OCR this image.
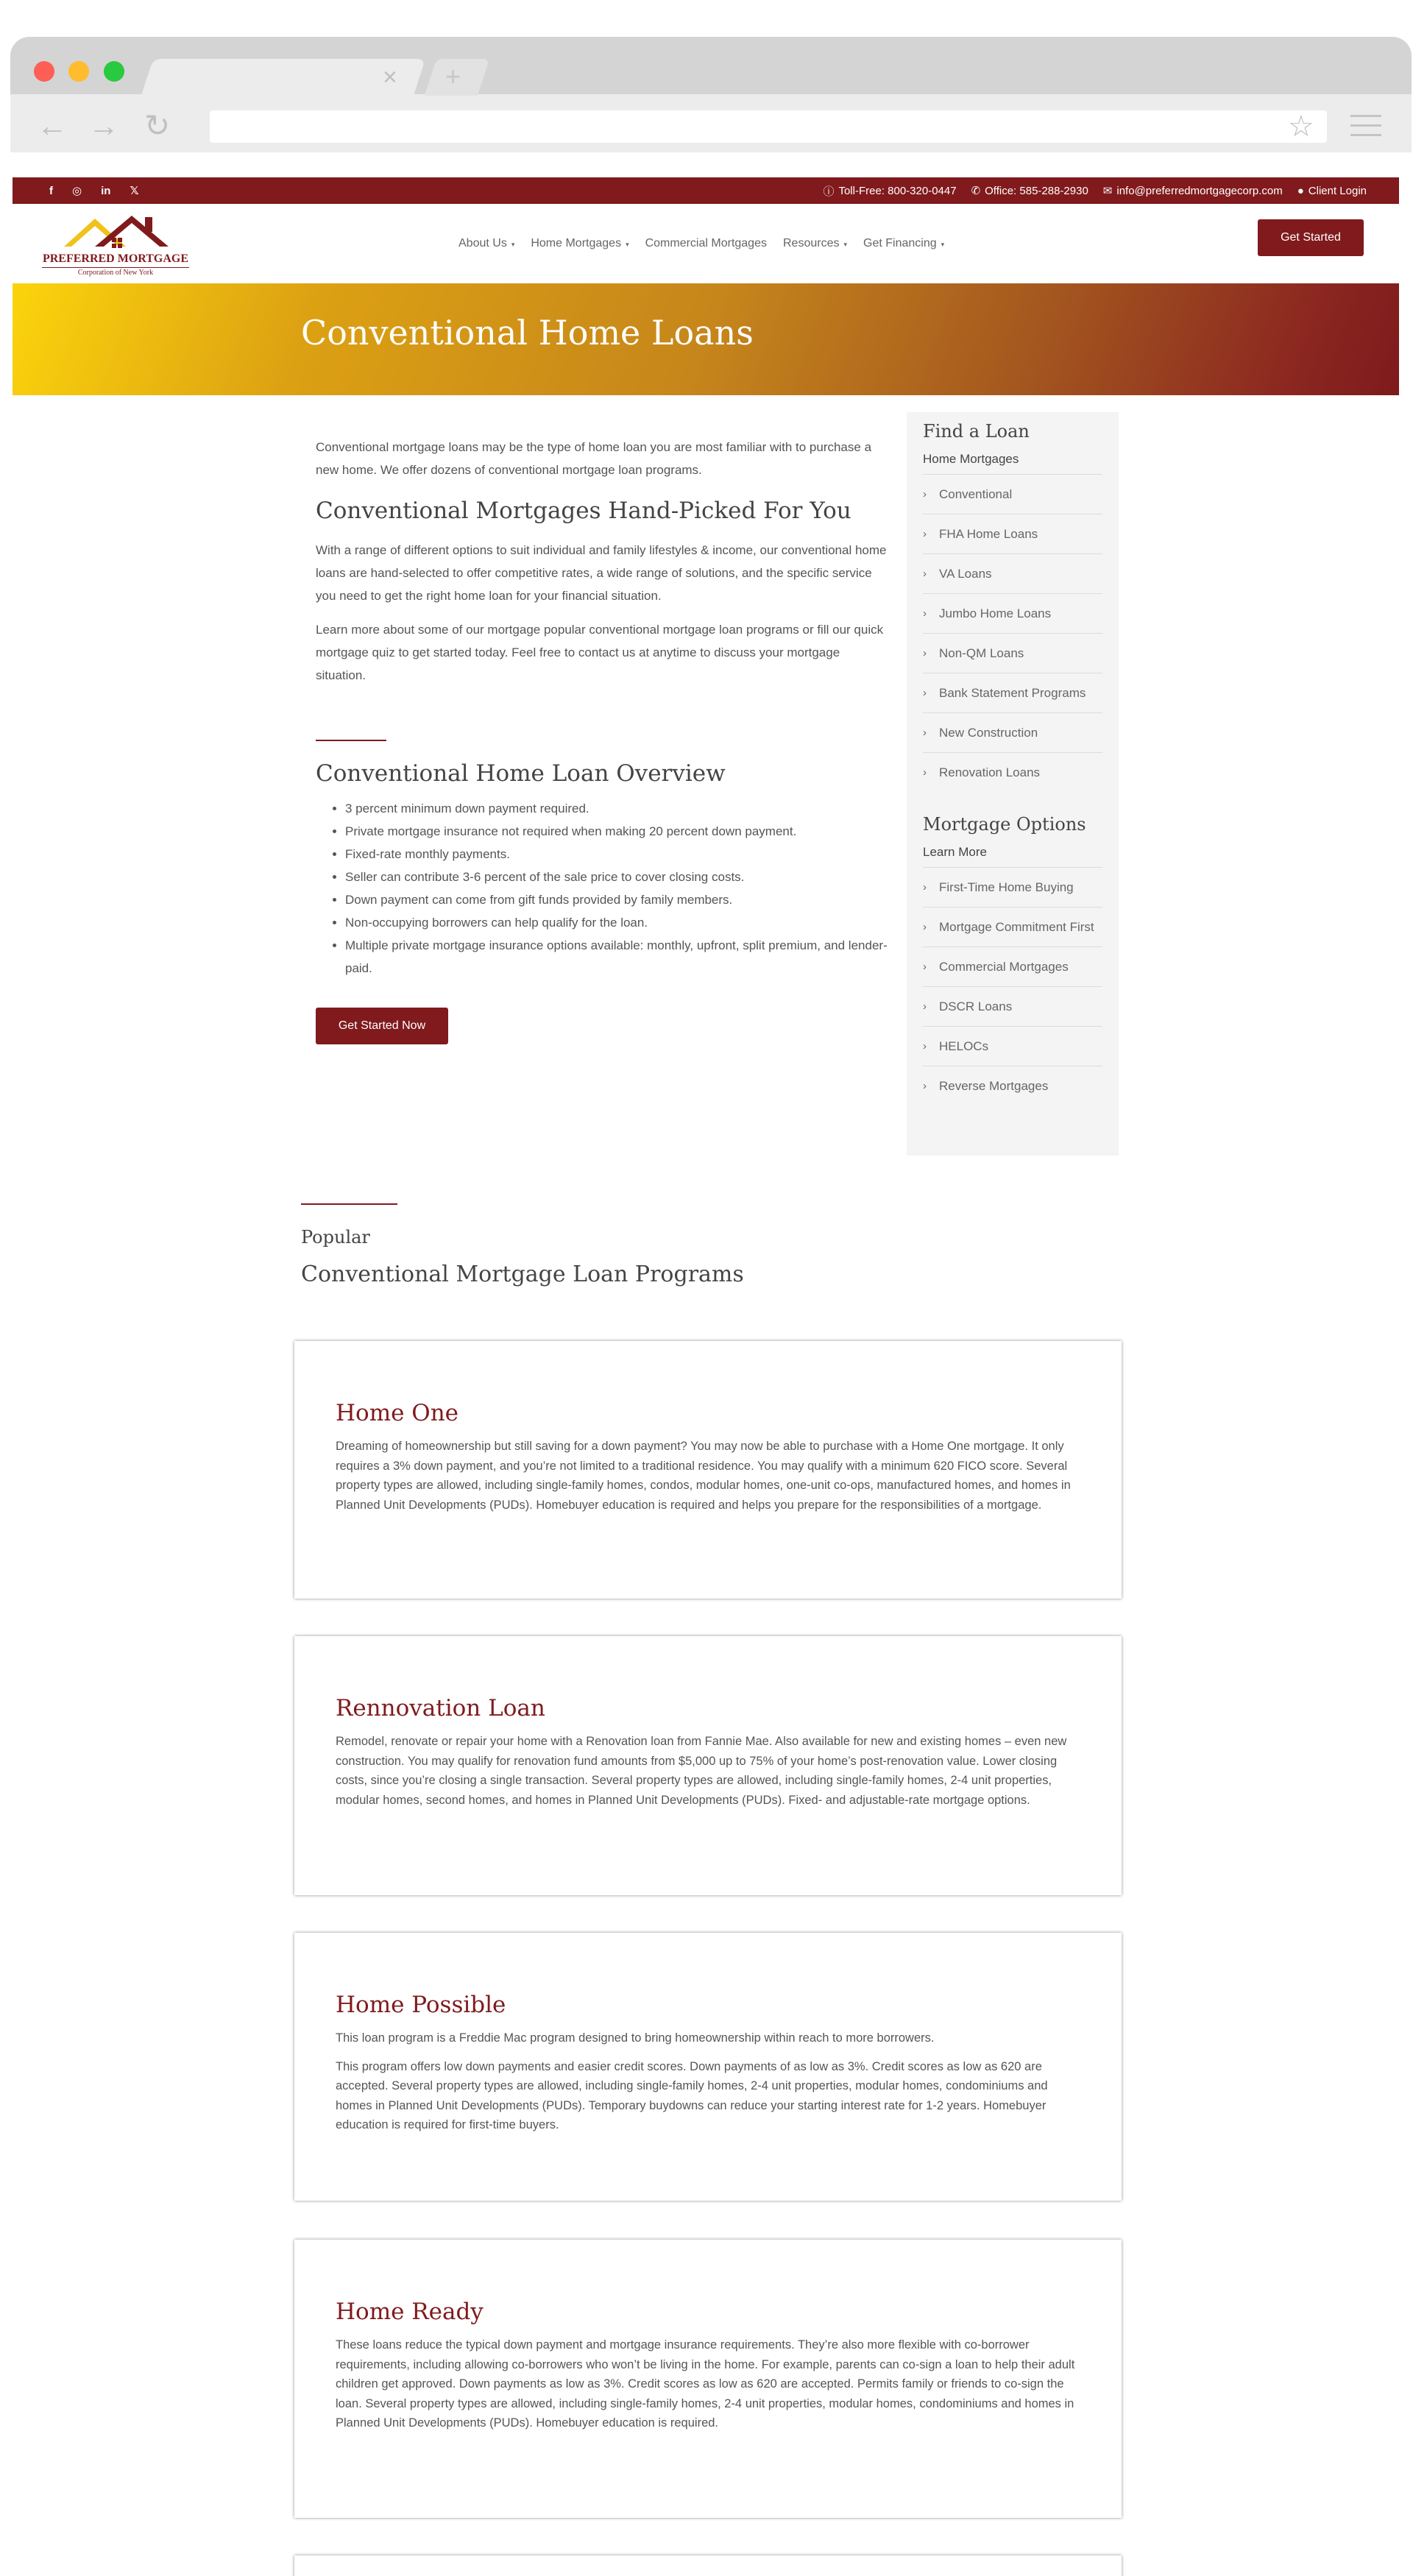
× +
← → ↻	☆
f ◎ in 𝕏	ⓘ Toll-Free: 800-320-0447 ✆ Office: 585-288-2930 ✉ info@preferredmortgagecorp.com ● Client Login
PREFERRED MORTGAGE
Corporation of New York
About Us ▾ Home Mortgages ▾ Commercial Mortgages Resources ▾ Get Financing ▾
Get Started
Conventional Home Loans

Conventional mortgage loans may be the type of home loan you are most familiar with to purchase a new home. We offer dozens of conventional mortgage loan programs.

Conventional Mortgages Hand-Picked For You

With a range of different options to suit individual and family lifestyles & income, our conventional home loans are hand-selected to offer competitive rates, a wide range of solutions, and the specific service you need to get the right home loan for your financial situation.

Learn more about some of our mortgage popular conventional mortgage loan programs or fill our quick mortgage quiz to get started today. Feel free to contact us at anytime to discuss your mortgage situation.

Conventional Home Loan Overview
• 3 percent minimum down payment required.
• Private mortgage insurance not required when making 20 percent down payment.
• Fixed-rate monthly payments.
• Seller can contribute 3-6 percent of the sale price to cover closing costs.
• Down payment can come from gift funds provided by family members.
• Non-occupying borrowers can help qualify for the loan.
• Multiple private mortgage insurance options available: monthly, upfront, split premium, and lender-paid.
Get Started Now
Find a Loan
Home Mortgages
›	Conventional
›	FHA Home Loans
›	VA Loans
›	Jumbo Home Loans
›	Non-QM Loans
›	Bank Statement Programs
›	New Construction
›	Renovation Loans
Mortgage Options
Learn More
›	First-Time Home Buying
›	Mortgage Commitment First
›	Commercial Mortgages
›	DSCR Loans
›	HELOCs
›	Reverse Mortgages
Popular
Conventional Mortgage Loan Programs
Home One

Dreaming of homeownership but still saving for a down payment? You may now be able to purchase with a Home One mortgage. It only requires a 3% down payment, and you’re not limited to a traditional residence. You may qualify with a minimum 620 FICO score. Several property types are allowed, including single-family homes, condos, modular homes, one-unit co-ops, manufactured homes, and homes in Planned Unit Developments (PUDs). Homebuyer education is required and helps you prepare for the responsibilities of a mortgage.

Rennovation Loan

Remodel, renovate or repair your home with a Renovation loan from Fannie Mae. Also available for new and existing homes – even new construction. You may qualify for renovation fund amounts from $5,000 up to 75% of your home’s post-renovation value. Lower closing costs, since you’re closing a single transaction. Several property types are allowed, including single-family homes, 2-4 unit properties, modular homes, second homes, and homes in Planned Unit Developments (PUDs). Fixed- and adjustable-rate mortgage options.

Home Possible

This loan program is a Freddie Mac program designed to bring homeownership within reach to more borrowers.

This program offers low down payments and easier credit scores. Down payments of as low as 3%. Credit scores as low as 620 are accepted. Several property types are allowed, including single-family homes, 2-4 unit properties, modular homes, condominiums and homes in Planned Unit Developments (PUDs). Temporary buydowns can reduce your starting interest rate for 1-2 years. Homebuyer education is required for first-time buyers.

Home Ready

These loans reduce the typical down payment and mortgage insurance requirements. They’re also more flexible with co-borrower requirements, including allowing co-borrowers who won’t be living in the home. For example, parents can co-sign a loan to help their adult children get approved. Down payments as low as 3%. Credit scores as low as 620 are accepted. Permits family or friends to co-sign the loan. Several property types are allowed, including single-family homes, 2-4 unit properties, modular homes, condominiums and homes in Planned Unit Developments (PUDs). Homebuyer education is required.
